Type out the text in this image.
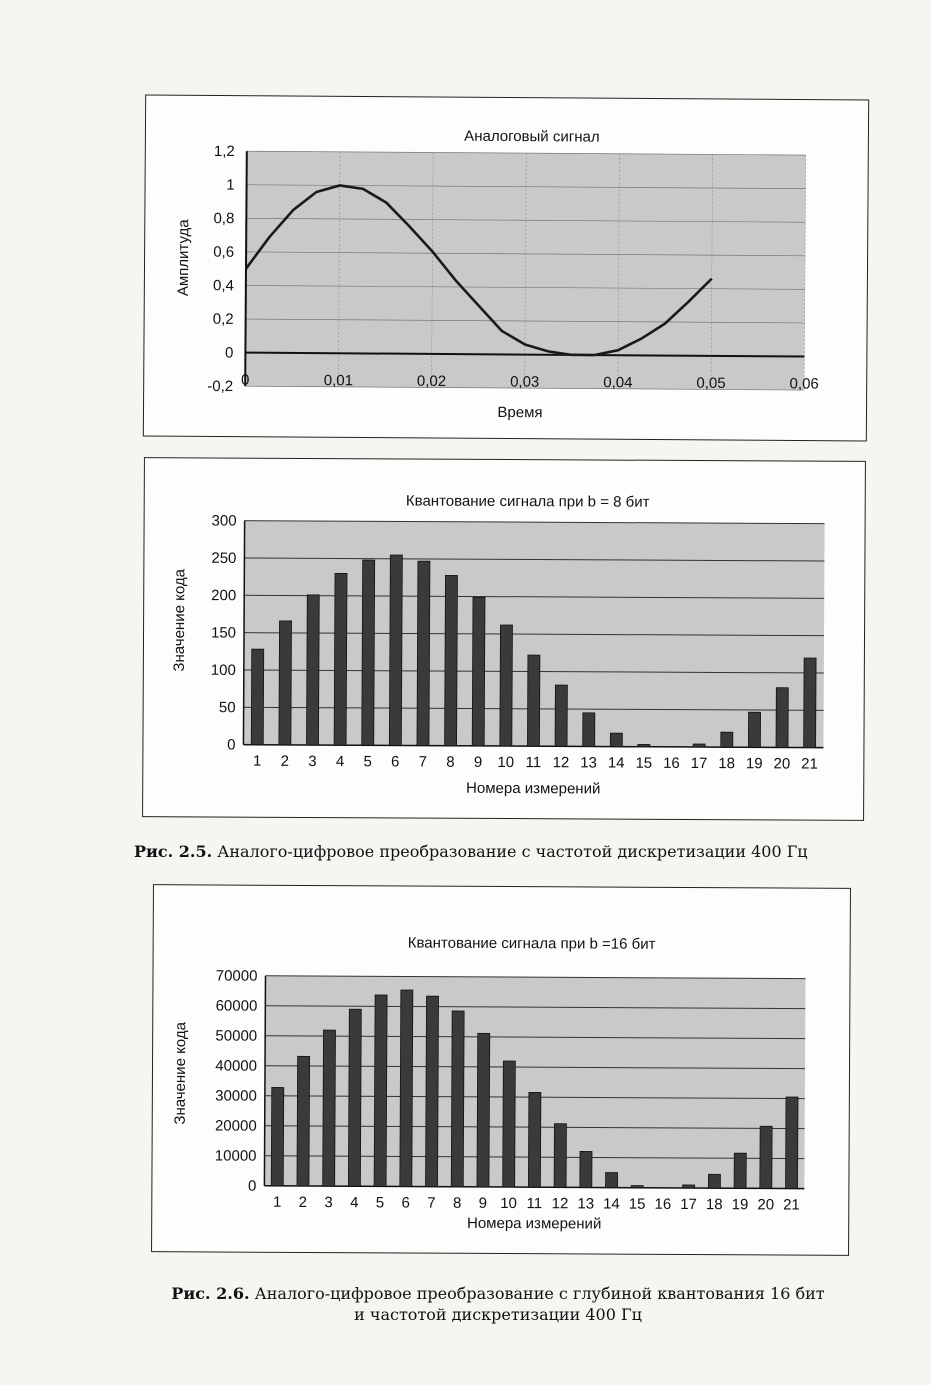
-0,2
0
0,2
0,4
0,6
0,8
1
1,2
0	0,01	0,02	0,03	0,04	0,05	0,06
Аналоговый сигнал
Время
Амплитуда
0
50
100
150
200
250
300
1 2 3 4 5 6 7 8 9 10 11 12 13 14 15 16 17 18 19 20 21
Квантование сигнала при b = 8 бит
Номера измерений
Значение кода
Рис. 2.5. Аналого-цифровое преобразование с частотой дискретизации 400 Гц
0
10000
20000
30000
40000
50000
60000
70000
1 2 3 4 5 6 7 8 9 10 11 12 13 14 15 16 17 18 19 20 21
Квантование сигнала при b =16 бит
Номера измерений
Значение кода
Рис. 2.6. Аналого-цифровое преобразование с глубиной квантования 16 бит
и частотой дискретизации 400 Гц
